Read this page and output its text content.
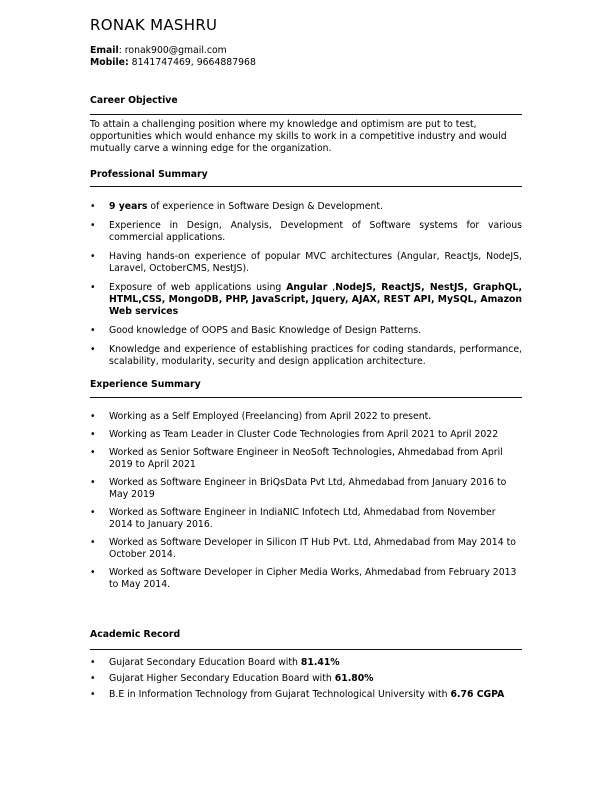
RONAK MASHRU
Email: ronak900@gmail.com
Mobile: 8141747469, 9664887968
Career Objective
To attain a challenging position where my knowledge and optimism are put to test, opportunities which would enhance my skills to work in a competitive industry and would mutually carve a winning edge for the organization.
Professional Summary
• 9 years of experience in Software Design & Development.
• Experience in Design, Analysis, Development of Software systems for various commercial applications.
• Having hands-on experience of popular MVC architectures (Angular, ReactJs, NodeJS, Laravel, OctoberCMS, NestJS).
• Exposure of web applications using Angular ,NodeJS, ReactJS, NestJS, GraphQL, HTML,CSS, MongoDB, PHP, JavaScript, Jquery, AJAX, REST API, MySQL, Amazon Web services
• Good knowledge of OOPS and Basic Knowledge of Design Patterns.
• Knowledge and experience of establishing practices for coding standards, performance, scalability, modularity, security and design application architecture.
Experience Summary
• Working as a Self Employed (Freelancing) from April 2022 to present.
• Working as Team Leader in Cluster Code Technologies from April 2021 to April 2022
• Worked as Senior Software Engineer in NeoSoft Technologies, Ahmedabad from April 2019 to April 2021
• Worked as Software Engineer in BriQsData Pvt Ltd, Ahmedabad from January 2016 to May 2019
• Worked as Software Engineer in IndiaNIC Infotech Ltd, Ahmedabad from November 2014 to January 2016.
• Worked as Software Developer in Silicon IT Hub Pvt. Ltd, Ahmedabad from May 2014 to October 2014.
• Worked as Software Developer in Cipher Media Works, Ahmedabad from February 2013 to May 2014.
Academic Record
• Gujarat Secondary Education Board with 81.41%
• Gujarat Higher Secondary Education Board with 61.80%
• B.E in Information Technology from Gujarat Technological University with 6.76 CGPA
